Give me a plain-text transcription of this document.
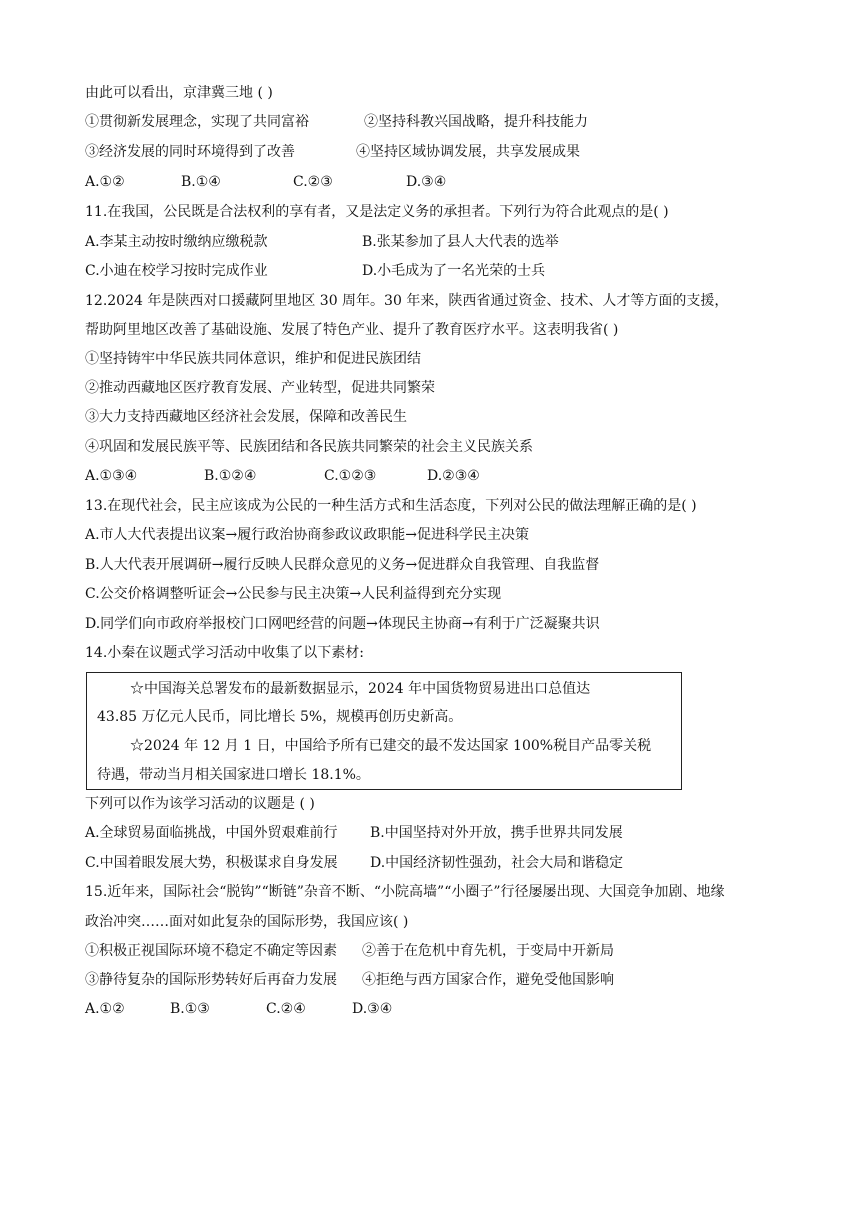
由此可以看出，京津冀三地 ( )
①贯彻新发展理念，实现了共同富裕	②坚持科教兴国战略，提升科技能力
③经济发展的同时环境得到了改善	④坚持区域协调发展，共享发展成果
A.①②	B.①④	C.②③	D.③④
11.在我国，公民既是合法权利的享有者，又是法定义务的承担者。下列行为符合此观点的是( )
A.李某主动按时缴纳应缴税款	B.张某参加了县人大代表的选举
C.小迪在校学习按时完成作业	D.小毛成为了一名光荣的士兵
12.2024 年是陕西对口援藏阿里地区 30 周年。30 年来，陕西省通过资金、技术、人才等方面的支援，
帮助阿里地区改善了基础设施、发展了特色产业、提升了教育医疗水平。这表明我省( )
①坚持铸牢中华民族共同体意识，维护和促进民族团结
②推动西藏地区医疗教育发展、产业转型，促进共同繁荣
③大力支持西藏地区经济社会发展，保障和改善民生
④巩固和发展民族平等、民族团结和各民族共同繁荣的社会主义民族关系
A.①③④	B.①②④	C.①②③	D.②③④
13.在现代社会，民主应该成为公民的一种生活方式和生活态度，下列对公民的做法理解正确的是( )
A.市人大代表提出议案→履行政治协商参政议政职能→促进科学民主决策
B.人大代表开展调研→履行反映人民群众意见的义务→促进群众自我管理、自我监督
C.公交价格调整听证会→公民参与民主决策→人民利益得到充分实现
D.同学们向市政府举报校门口网吧经营的问题→体现民主协商→有利于广泛凝聚共识
14.小秦在议题式学习活动中收集了以下素材:
☆中国海关总署发布的最新数据显示，2024 年中国货物贸易进出口总值达
43.85 万亿元人民币，同比增长 5%，规模再创历史新高。
☆2024 年 12 月 1 日，中国给予所有已建交的最不发达国家 100%税目产品零关税
待遇，带动当月相关国家进口增长 18.1%。
下列可以作为该学习活动的议题是 ( )
A.全球贸易面临挑战，中国外贸艰难前行 B.中国坚持对外开放，携手世界共同发展
C.中国着眼发展大势，积极谋求自身发展 D.中国经济韧性强劲，社会大局和谐稳定
15.近年来，国际社会“脱钩”“断链”杂音不断、“小院高墙”“小圈子”行径屡屡出现、大国竞争加剧、地缘
政治冲突……面对如此复杂的国际形势，我国应该( )
①积极正视国际环境不稳定不确定等因素 ②善于在危机中育先机，于变局中开新局
③静待复杂的国际形势转好后再奋力发展 ④拒绝与西方国家合作，避免受他国影响
A.①②	B.①③	C.②④	D.③④
